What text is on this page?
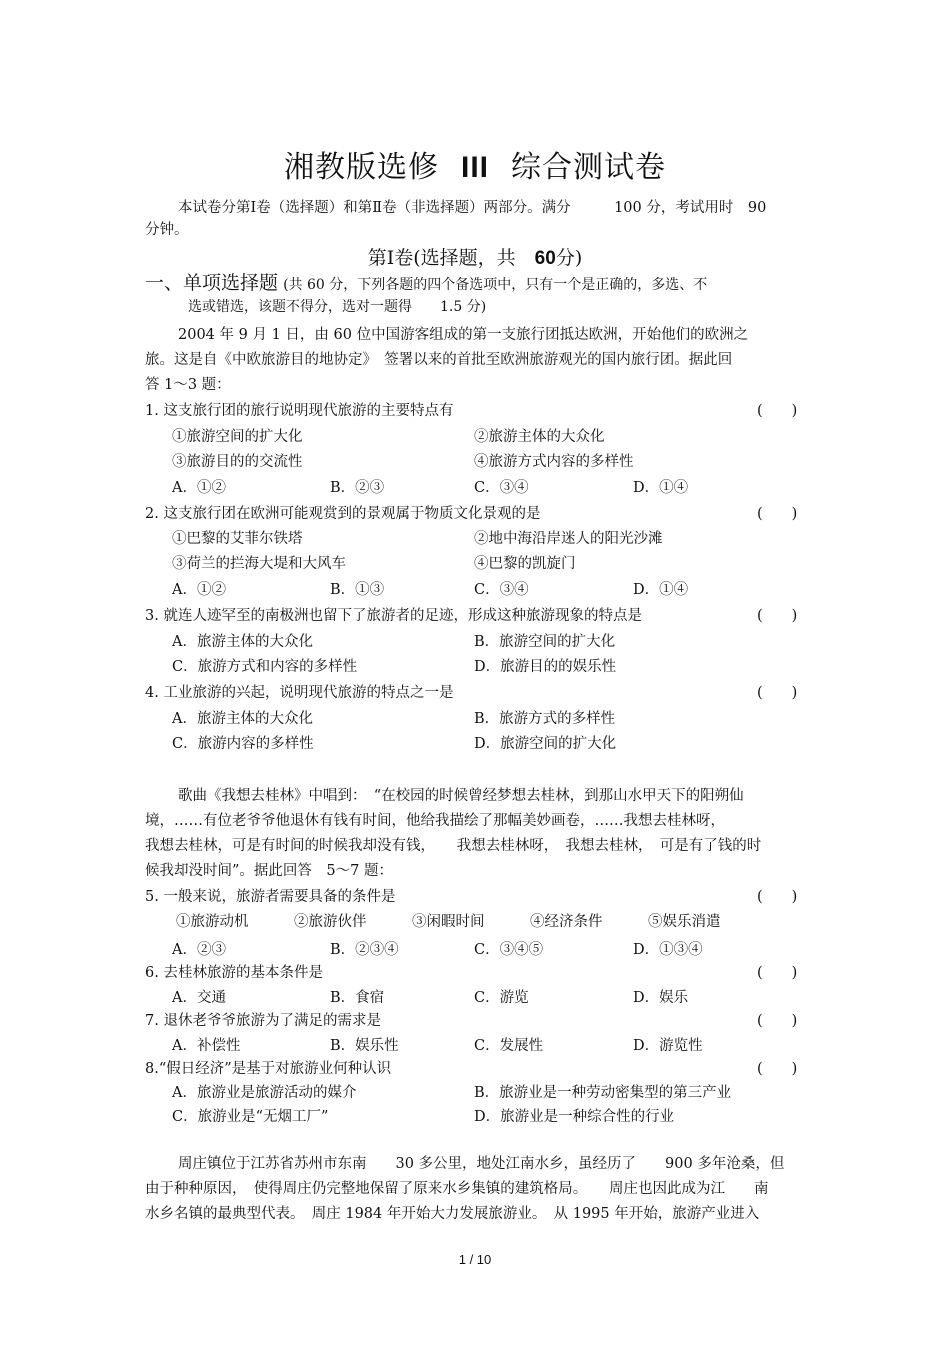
湘教版选修 III 综合测试卷
本试卷分第Ⅰ卷（选择题）和第Ⅱ卷（非选择题）两部分。满分　　　100 分，考试用时　90
分钟。
第Ⅰ卷(选择题，共　60分)
一、单项选择题 (共 60 分，下列各题的四个备选项中，只有一个是正确的，多选、不
选或错选，该题不得分，选对一题得　　1.5 分)
2004 年 9 月 1 日，由 60 位中国游客组成的第一支旅行团抵达欧洲，开始他们的欧洲之
旅。这是自《中欧旅游目的地协定》　签署以来的首批至欧洲旅游观光的国内旅行团。据此回
答 1～3 题：
1. 这支旅行团的旅行说明现代旅游的主要特点有	(　　)
①旅游空间的扩大化	②旅游主体的大众化
③旅游目的的交流性	④旅游方式内容的多样性
A．①②	B．②③	C．③④	D．①④
2. 这支旅行团在欧洲可能观赏到的景观属于物质文化景观的是	(　　)
①巴黎的艾菲尔铁塔	②地中海沿岸迷人的阳光沙滩
③荷兰的拦海大堤和大风车	④巴黎的凯旋门
A．①②	B．①③	C．③④	D．①④
3. 就连人迹罕至的南极洲也留下了旅游者的足迹，形成这种旅游现象的特点是	(　　)
A．旅游主体的大众化	B．旅游空间的扩大化
C．旅游方式和内容的多样性	D．旅游目的的娱乐性
4. 工业旅游的兴起，说明现代旅游的特点之一是	(　　)
A．旅游主体的大众化	B．旅游方式的多样性
C．旅游内容的多样性	D．旅游空间的扩大化
歌曲《我想去桂林》中唱到：　“在校园的时候曾经梦想去桂林，到那山水甲天下的阳朔仙
境，……有位老爷爷他退休有钱有时间，他给我描绘了那幅美妙画卷，……我想去桂林呀，
我想去桂林，可是有时间的时候我却没有钱，　　我想去桂林呀，　我想去桂林，　可是有了钱的时
候我却没时间”。据此回答　5～7 题：
5. 一般来说，旅游者需要具备的条件是	(　　)
①旅游动机	②旅游伙伴	③闲暇时间	④经济条件	⑤娱乐消遣
A．②③	B．②③④	C．③④⑤	D．①③④
6. 去桂林旅游的基本条件是	(　　)
A．交通	B．食宿	C．游览	D．娱乐
7. 退休老爷爷旅游为了满足的需求是	(　　)
A．补偿性	B．娱乐性	C．发展性	D．游览性
8.“假日经济”是基于对旅游业何种认识	(　　)
A．旅游业是旅游活动的媒介	B．旅游业是一种劳动密集型的第三产业
C．旅游业是“无烟工厂”	D．旅游业是一种综合性的行业
周庄镇位于江苏省苏州市东南　　30 多公里，地处江南水乡，虽经历了　　900 多年沧桑，但
由于种种原因，　使得周庄仍完整地保留了原来水乡集镇的建筑格局。　　周庄也因此成为江　　南
水乡名镇的最典型代表。　周庄 1984 年开始大力发展旅游业。　从 1995 年开始，旅游产业进入
1 / 10
